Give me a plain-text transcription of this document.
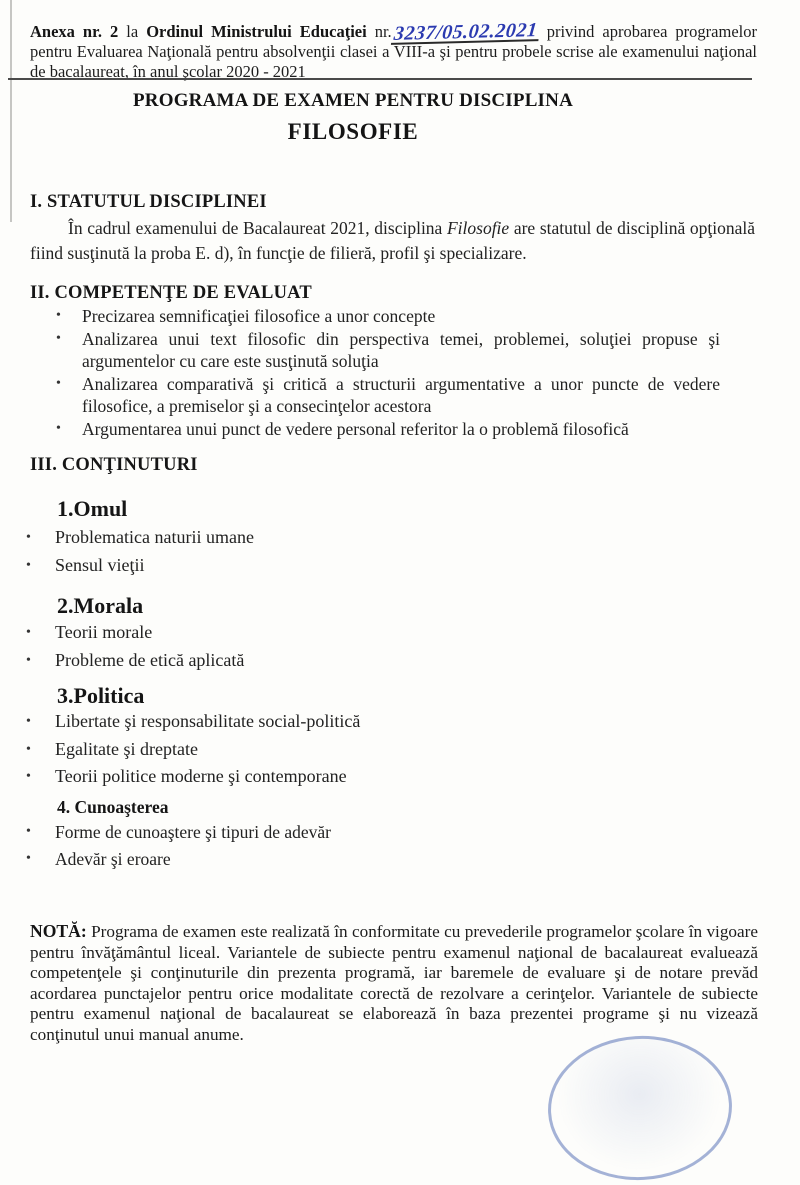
Anexa nr. 2 la Ordinul Ministrului Educaţiei nr.3237/05.02.2021 privind aprobarea programelor pentru Evaluarea Naţională pentru absolvenţii clasei a VIII-a şi pentru probele scrise ale examenului naţional de bacalaureat, în anul şcolar 2020 - 2021
PROGRAMA DE EXAMEN PENTRU DISCIPLINA
FILOSOFIE
I. STATUTUL DISCIPLINEI
În cadrul examenului de Bacalaureat 2021, disciplina Filosofie are statutul de disciplină opţională fiind susţinută la proba E. d), în funcţie de filieră, profil şi specializare.
II. COMPETENŢE DE EVALUAT
• Precizarea semnificaţiei filosofice a unor concepte
• Analizarea unui text filosofic din perspectiva temei, problemei, soluţiei propuse şi argumentelor cu care este susţinută soluţia
• Analizarea comparativă şi critică a structurii argumentative a unor puncte de vedere filosofice, a premiselor şi a consecinţelor acestora
• Argumentarea unui punct de vedere personal referitor la o problemă filosofică
III. CONŢINUTURI
1.Omul
• Problematica naturii umane
• Sensul vieţii
2.Morala
• Teorii morale
• Probleme de etică aplicată
3.Politica
• Libertate şi responsabilitate social-politică
• Egalitate şi dreptate
• Teorii politice moderne şi contemporane
4. Cunoaşterea
• Forme de cunoaştere şi tipuri de adevăr
• Adevăr şi eroare
NOTĂ: Programa de examen este realizată în conformitate cu prevederile programelor şcolare în vigoare pentru învăţământul liceal. Variantele de subiecte pentru examenul naţional de bacalaureat evaluează competenţele şi conţinuturile din prezenta programă, iar baremele de evaluare şi de notare prevăd acordarea punctajelor pentru orice modalitate corectă de rezolvare a cerinţelor. Variantele de subiecte pentru examenul naţional de bacalaureat se elaborează în baza prezentei programe şi nu vizează conţinutul unui manual anume.
